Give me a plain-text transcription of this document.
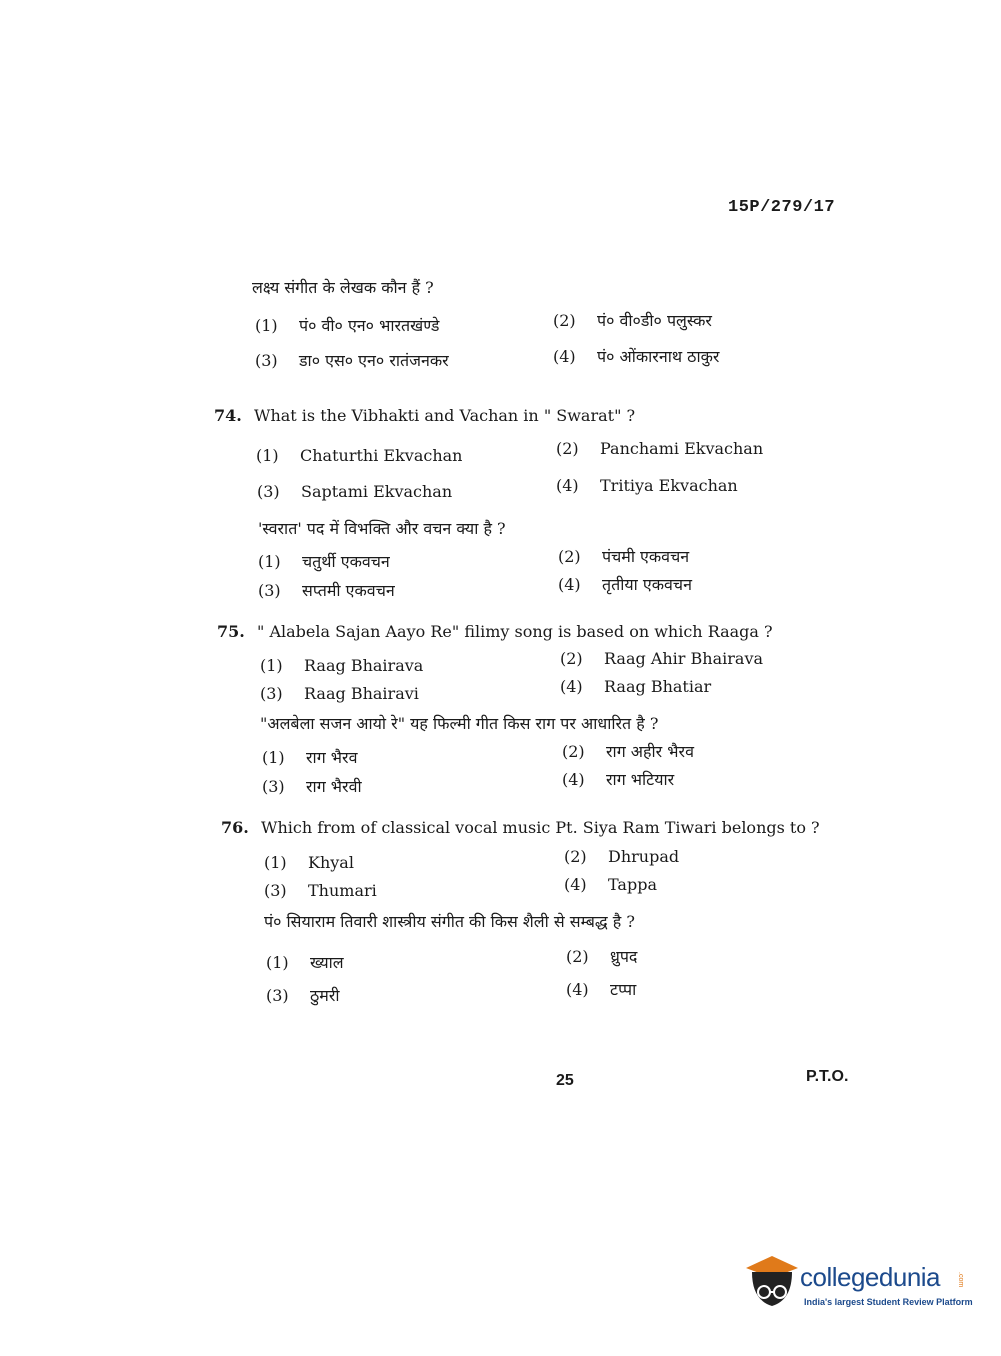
15P/279/17
लक्ष्य संगीत के लेखक कौन हैं ?
(1) पं० वी० एन० भारतखंण्डे	(2) पं० वी०डी० पलुस्कर
(3) डा० एस० एन० रातंजनकर	(4) पं० ओंकारनाथ ठाकुर
74. What is the Vibhakti and Vachan in " Swarat" ?
(1) Chaturthi Ekvachan	(2) Panchami Ekvachan
(3) Saptami Ekvachan	(4) Tritiya Ekvachan
'स्वरात' पद में विभक्ति और वचन क्या है ?
(1) चतुर्थी एकवचन	(2) पंचमी एकवचन
(3) सप्तमी एकवचन	(4) तृतीया एकवचन
75. " Alabela Sajan Aayo Re" filimy song is based on which Raaga ?
(1) Raag Bhairava	(2) Raag Ahir Bhairava
(3) Raag Bhairavi	(4) Raag Bhatiar
"अलबेला सजन आयो रे" यह फिल्मी गीत किस राग पर आधारित है ?
(1) राग भैरव	(2) राग अहीर भैरव
(3) राग भैरवी	(4) राग भटियार
76. Which from of classical vocal music Pt. Siya Ram Tiwari belongs to ?
(1) Khyal	(2) Dhrupad
(3) Thumari	(4) Tappa
पं० सियाराम तिवारी शास्त्रीय संगीत की किस शैली से सम्बद्ध है ?
(1) ख्याल	(2) ध्रुपद
(3) ठुमरी	(4) टप्पा
25	P.T.O.
collegedunia .com
India's largest Student Review Platform
